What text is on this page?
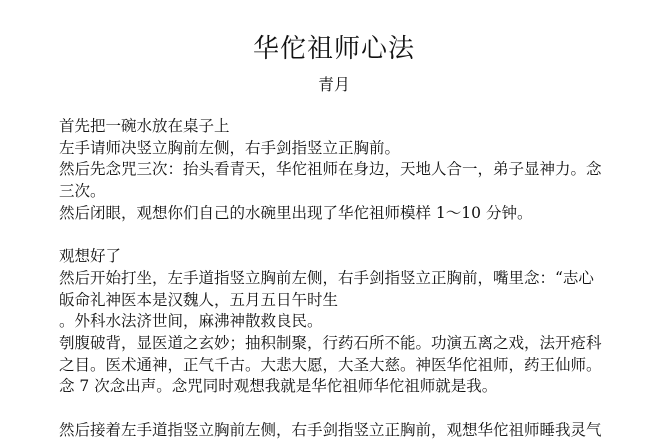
华佗祖师心法
青月
首先把一碗水放在桌子上
左手请师决竖立胸前左侧，右手剑指竖立正胸前。
然后先念咒三次：抬头看青天，华佗祖师在身边，天地人合一，弟子显神力。念
三次。
然后闭眼，观想你们自己的水碗里出现了华佗祖师模样 1～10 分钟。
观想好了
然后开始打坐，左手道指竖立胸前左侧，右手剑指竖立正胸前，嘴里念：“志心
皈命礼神医本是汉魏人，五月五日午时生
。外科水法济世间，麻沸神散救良民。
刳腹破背，显医道之玄妙；抽积制聚，行药石所不能。功演五离之戏，法开疮科
之目。医术通神，正气千古。大悲大愿，大圣大慈。神医华佗祖师，药王仙师。
念 7 次念出声。念咒同时观想我就是华佗祖师华佗祖师就是我。
然后接着左手道指竖立胸前左侧，右手剑指竖立正胸前，观想华佗祖师睡我灵气
